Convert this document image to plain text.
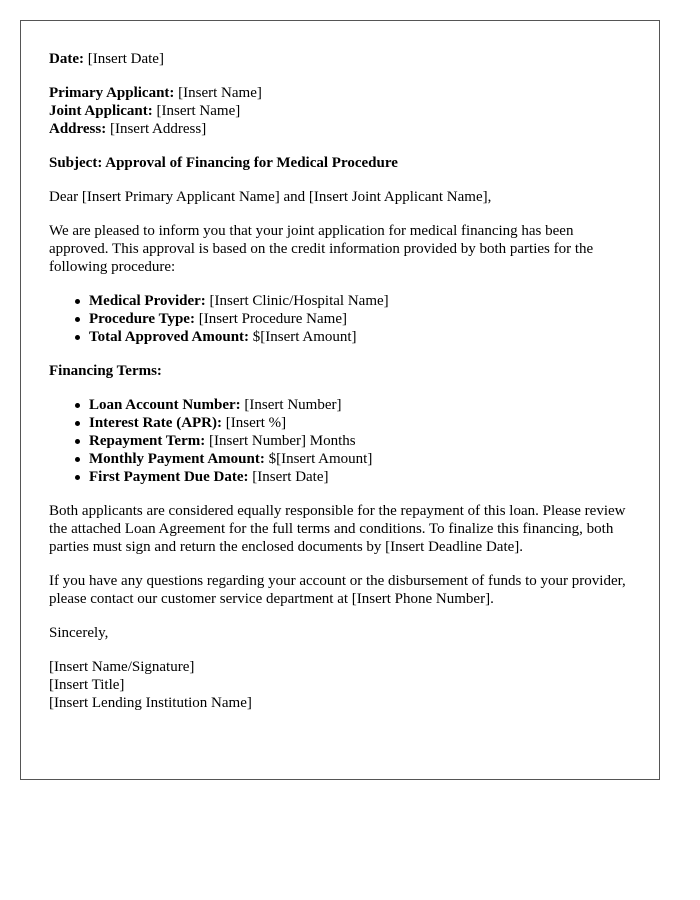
Date: [Insert Date]

Primary Applicant: [Insert Name]
Joint Applicant: [Insert Name]
Address: [Insert Address]

Subject: Approval of Financing for Medical Procedure

Dear [Insert Primary Applicant Name] and [Insert Joint Applicant Name],

We are pleased to inform you that your joint application for medical financing has been approved. This approval is based on the credit information provided by both parties for the following procedure:

Medical Provider: [Insert Clinic/Hospital Name]
Procedure Type: [Insert Procedure Name]
Total Approved Amount: $[Insert Amount]

Financing Terms:

Loan Account Number: [Insert Number]
Interest Rate (APR): [Insert %]
Repayment Term: [Insert Number] Months
Monthly Payment Amount: $[Insert Amount]
First Payment Due Date: [Insert Date]

Both applicants are considered equally responsible for the repayment of this loan. Please review the attached Loan Agreement for the full terms and conditions. To finalize this financing, both parties must sign and return the enclosed documents by [Insert Deadline Date].

If you have any questions regarding your account or the disbursement of funds to your provider, please contact our customer service department at [Insert Phone Number].

Sincerely,

[Insert Name/Signature]
[Insert Title]
[Insert Lending Institution Name]
